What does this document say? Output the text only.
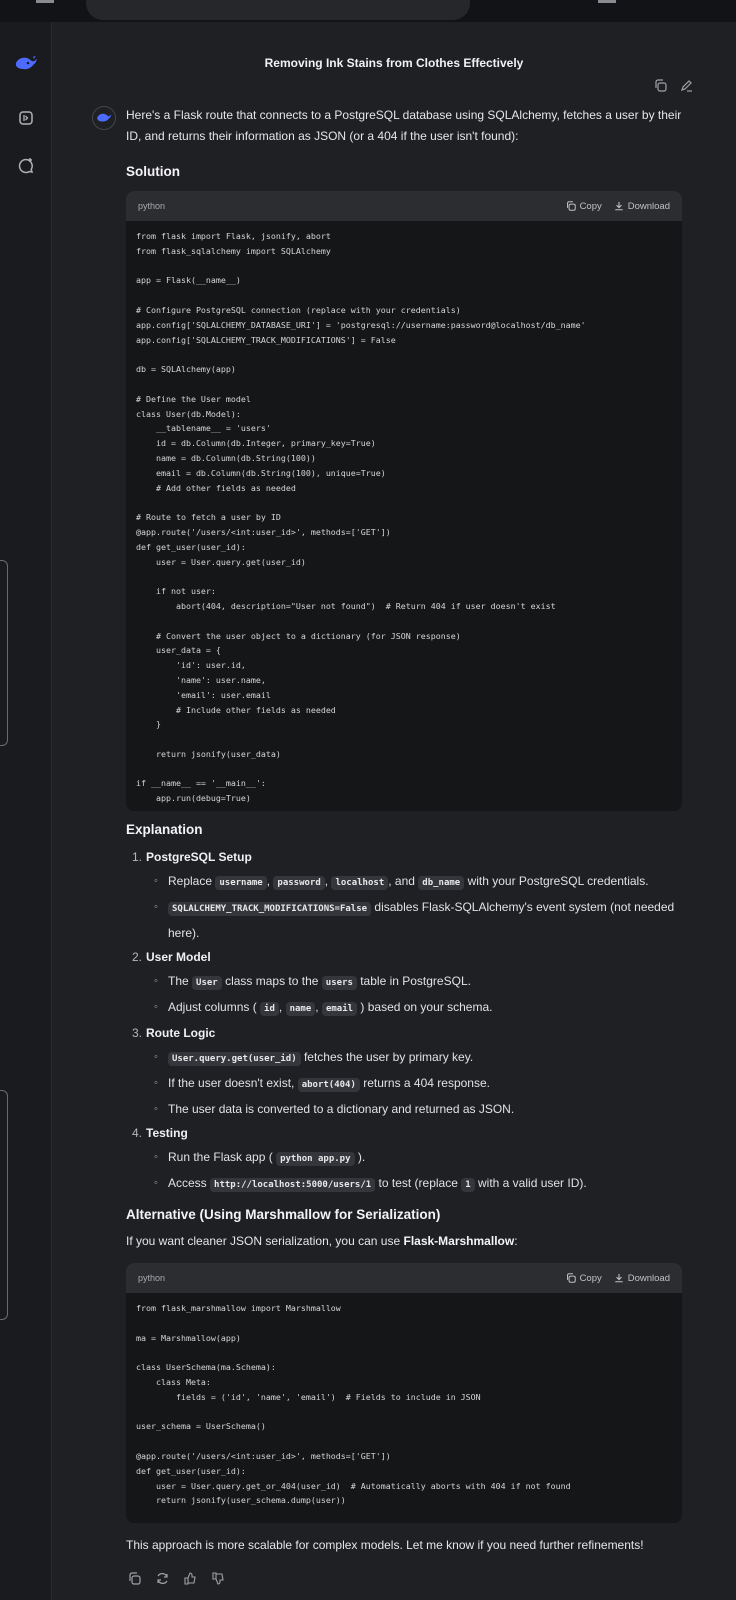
Removing Ink Stains from Clothes Effectively

Here's a Flask route that connects to a PostgreSQL database using SQLAlchemy, fetches a user by their ID, and returns their information as JSON (or a 404 if the user isn't found):

Solution
python	Copy	Download
from flask import Flask, jsonify, abort
from flask_sqlalchemy import SQLAlchemy

app = Flask(__name__)

# Configure PostgreSQL connection (replace with your credentials)
app.config['SQLALCHEMY_DATABASE_URI'] = 'postgresql://username:password@localhost/db_name'
app.config['SQLALCHEMY_TRACK_MODIFICATIONS'] = False

db = SQLAlchemy(app)

# Define the User model
class User(db.Model):
__tablename__ = 'users'
id = db.Column(db.Integer, primary_key=True)
name = db.Column(db.String(100))
email = db.Column(db.String(100), unique=True)
# Add other fields as needed

# Route to fetch a user by ID
@app.route('/users/<int:user_id>', methods=['GET'])
def get_user(user_id):
user = User.query.get(user_id)

if not user:
abort(404, description="User not found")  # Return 404 if user doesn't exist

# Convert the user object to a dictionary (for JSON response)
user_data = {
'id': user.id,
'name': user.name,
'email': user.email
# Include other fields as needed
}

return jsonify(user_data)

if __name__ == '__main__':
app.run(debug=True)
Explanation
1. PostgreSQL Setup
◦ Replace username , password , localhost , and db_name with your PostgreSQL credentials.
◦ SQLALCHEMY_TRACK_MODIFICATIONS=False disables Flask-SQLAlchemy's event system (not needed here).
2. User Model
◦ The User class maps to the users table in PostgreSQL.
◦ Adjust columns ( id , name , email ) based on your schema.
3. Route Logic
◦ User.query.get(user_id) fetches the user by primary key.
◦ If the user doesn't exist, abort(404) returns a 404 response.
◦ The user data is converted to a dictionary and returned as JSON.
4. Testing
◦ Run the Flask app ( python app.py ).
◦ Access http://localhost:5000/users/1 to test (replace 1 with a valid user ID).
Alternative (Using Marshmallow for Serialization)

If you want cleaner JSON serialization, you can use Flask-Marshmallow:

python	Copy	Download
from flask_marshmallow import Marshmallow

ma = Marshmallow(app)

class UserSchema(ma.Schema):
class Meta:
fields = ('id', 'name', 'email')  # Fields to include in JSON

user_schema = UserSchema()

@app.route('/users/<int:user_id>', methods=['GET'])
def get_user(user_id):
user = User.query.get_or_404(user_id)  # Automatically aborts with 404 if not found
return jsonify(user_schema.dump(user))

This approach is more scalable for complex models. Let me know if you need further refinements!
